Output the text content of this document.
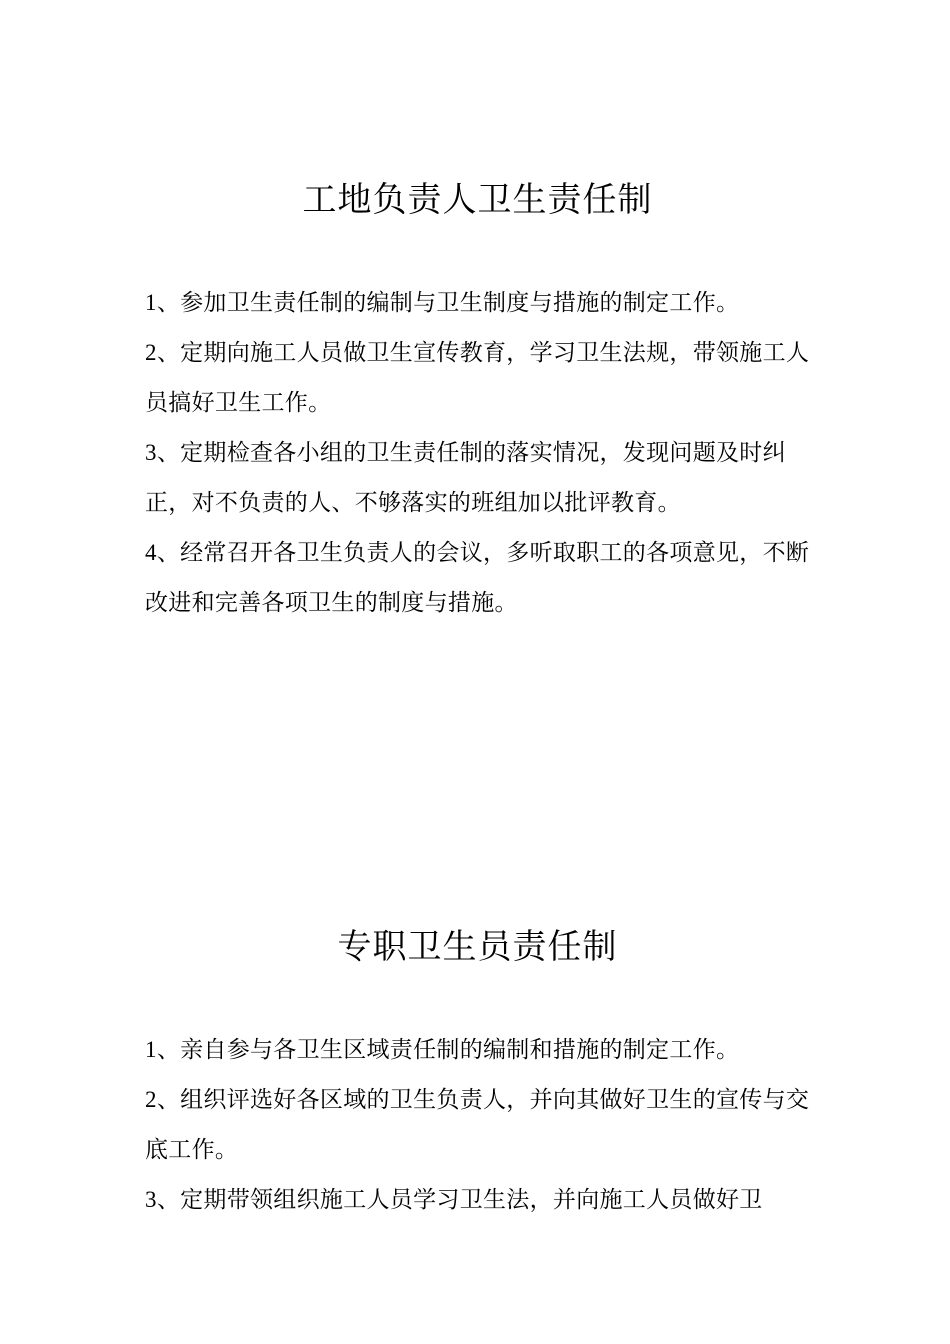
工地负责人卫生责任制

1、参加卫生责任制的编制与卫生制度与措施的制定工作。

2、定期向施工人员做卫生宣传教育，学习卫生法规，带领施工人员搞好卫生工作。

3、定期检查各小组的卫生责任制的落实情况，发现问题及时纠正，对不负责的人、不够落实的班组加以批评教育。

4、经常召开各卫生负责人的会议，多听取职工的各项意见，不断改进和完善各项卫生的制度与措施。

专职卫生员责任制

1、亲自参与各卫生区域责任制的编制和措施的制定工作。

2、组织评选好各区域的卫生负责人，并向其做好卫生的宣传与交底工作。

3、定期带领组织施工人员学习卫生法，并向施工人员做好卫
